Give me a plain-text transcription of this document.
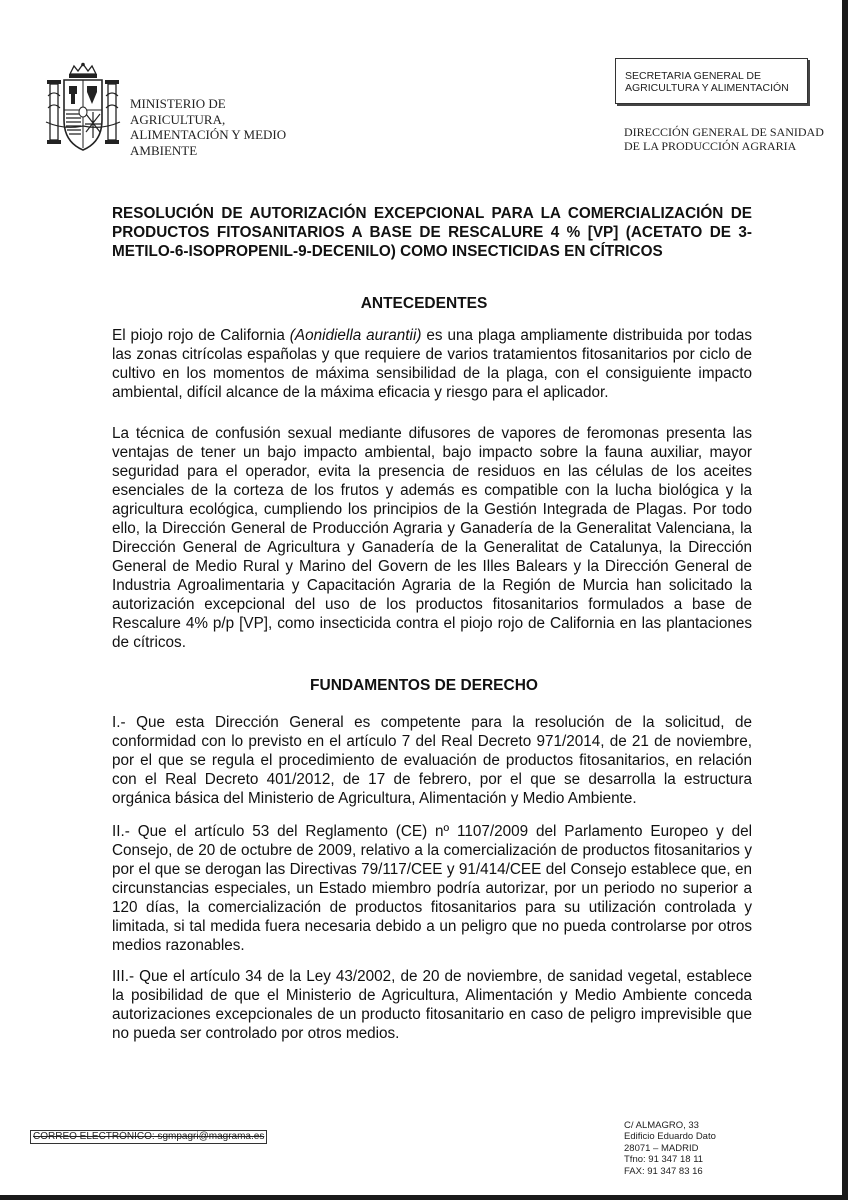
MINISTERIO DE
AGRICULTURA,
ALIMENTACIÓN Y MEDIO
AMBIENTE
SECRETARIA GENERAL DE
AGRICULTURA Y ALIMENTACIÓN
DIRECCIÓN GENERAL DE SANIDAD
DE LA PRODUCCIÓN AGRARIA
RESOLUCIÓN DE AUTORIZACIÓN EXCEPCIONAL PARA LA COMERCIALIZACIÓN DE PRODUCTOS FITOSANITARIOS A BASE DE RESCALURE 4 % [VP] (ACETATO DE 3-METILO-6-ISOPROPENIL-9-DECENILO) COMO INSECTICIDAS EN CÍTRICOS
ANTECEDENTES

El piojo rojo de California (Aonidiella aurantii) es una plaga ampliamente distribuida por todas las zonas citrícolas españolas y que requiere de varios tratamientos fitosanitarios por ciclo de cultivo en los momentos de máxima sensibilidad de la plaga, con el consiguiente impacto ambiental, difícil alcance de la máxima eficacia y riesgo para el aplicador.

La técnica de confusión sexual mediante difusores de vapores de feromonas presenta las ventajas de tener un bajo impacto ambiental, bajo impacto sobre la fauna auxiliar, mayor seguridad para el operador, evita la presencia de residuos en las células de los aceites esenciales de la corteza de los frutos y además es compatible con la lucha biológica y la agricultura ecológica, cumpliendo los principios de la Gestión Integrada de Plagas. Por todo ello, la Dirección General de Producción Agraria y Ganadería de la Generalitat Valenciana, la Dirección General de Agricultura y Ganadería de la Generalitat de Catalunya, la Dirección General de Medio Rural y Marino del Govern de les Illes Balears y la Dirección General de Industria Agroalimentaria y Capacitación Agraria de la Región de Murcia han solicitado la autorización excepcional del uso de los productos fitosanitarios formulados a base de Rescalure 4% p/p [VP], como insecticida contra el piojo rojo de California en las plantaciones de cítricos.

FUNDAMENTOS DE DERECHO

I.- Que esta Dirección General es competente para la resolución de la solicitud, de conformidad con lo previsto en el artículo 7 del Real Decreto 971/2014, de 21 de noviembre, por el que se regula el procedimiento de evaluación de productos fitosanitarios, en relación con el Real Decreto 401/2012, de 17 de febrero, por el que se desarrolla la estructura orgánica básica del Ministerio de Agricultura, Alimentación y Medio Ambiente.

II.- Que el artículo 53 del Reglamento (CE) nº 1107/2009 del Parlamento Europeo y del Consejo, de 20 de octubre de 2009, relativo a la comercialización de productos fitosanitarios y por el que se derogan las Directivas 79/117/CEE y 91/414/CEE del Consejo establece que, en circunstancias especiales, un Estado miembro podría autorizar, por un periodo no superior a 120 días, la comercialización de productos fitosanitarios para su utilización controlada y limitada, si tal medida fuera necesaria debido a un peligro que no pueda controlarse por otros medios razonables.

III.- Que el artículo 34 de la Ley 43/2002, de 20 de noviembre, de sanidad vegetal, establece la posibilidad de que el Ministerio de Agricultura, Alimentación y Medio Ambiente conceda autorizaciones excepcionales de un producto fitosanitario en caso de peligro imprevisible que no pueda ser controlado por otros medios.

CORREO ELECTRÓNICO: sgmpagri@magrama.es
C/ ALMAGRO, 33
Edificio Eduardo Dato
28071 – MADRID
Tfno: 91 347 18 11
FAX: 91 347 83 16
